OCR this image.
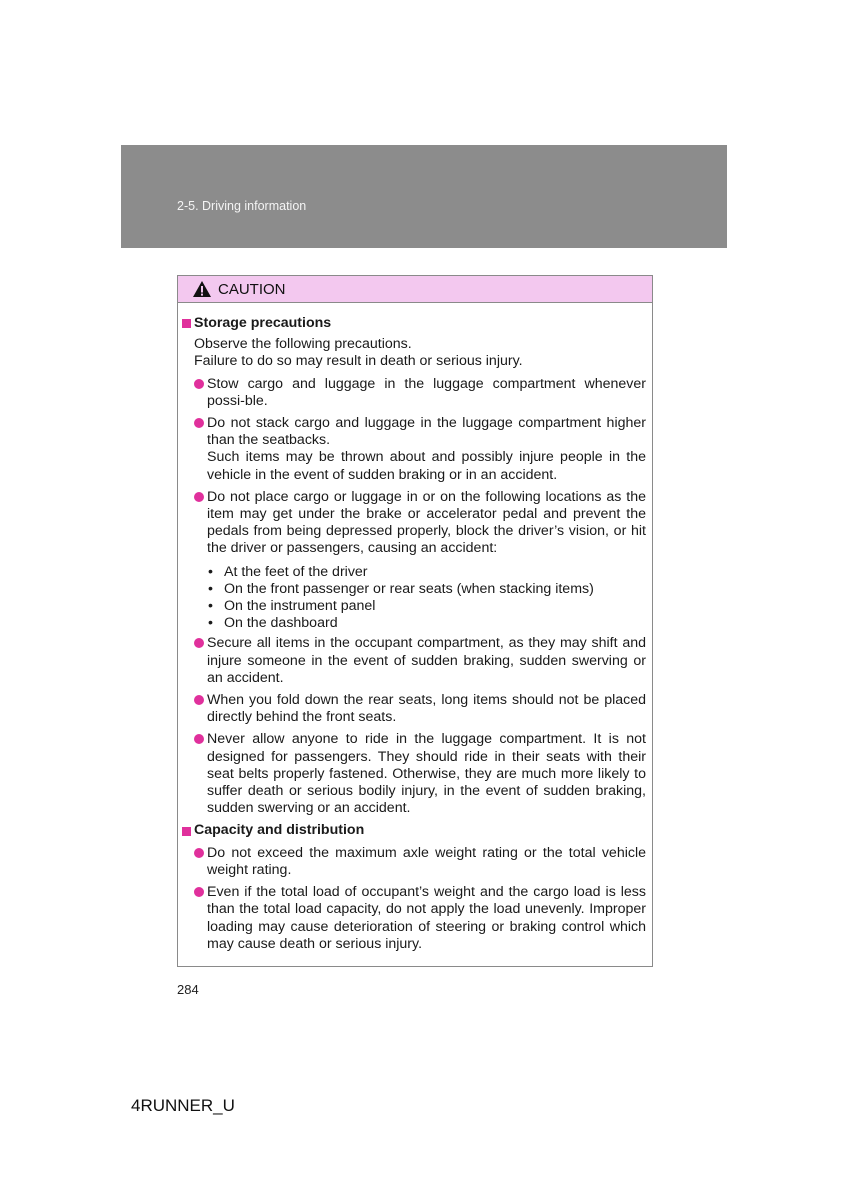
2-5. Driving information
CAUTION
Storage precautions
Observe the following precautions.
Failure to do so may result in death or serious injury.
Stow cargo and luggage in the luggage compartment whenever possi-ble.
Do not stack cargo and luggage in the luggage compartment higher than the seatbacks.
Such items may be thrown about and possibly injure people in the vehicle in the event of sudden braking or in an accident.
Do not place cargo or luggage in or on the following locations as the item may get under the brake or accelerator pedal and prevent the pedals from being depressed properly, block the driver’s vision, or hit the driver or passengers, causing an accident:
• At the feet of the driver
• On the front passenger or rear seats (when stacking items)
• On the instrument panel
• On the dashboard
Secure all items in the occupant compartment, as they may shift and injure someone in the event of sudden braking, sudden swerving or an accident.
When you fold down the rear seats, long items should not be placed directly behind the front seats.
Never allow anyone to ride in the luggage compartment. It is not designed for passengers. They should ride in their seats with their seat belts properly fastened. Otherwise, they are much more likely to suffer death or serious bodily injury, in the event of sudden braking, sudden swerving or an accident.
Capacity and distribution
Do not exceed the maximum axle weight rating or the total vehicle weight rating.
Even if the total load of occupant’s weight and the cargo load is less than the total load capacity, do not apply the load unevenly. Improper loading may cause deterioration of steering or braking control which may cause death or serious injury.
284
4RUNNER_U
